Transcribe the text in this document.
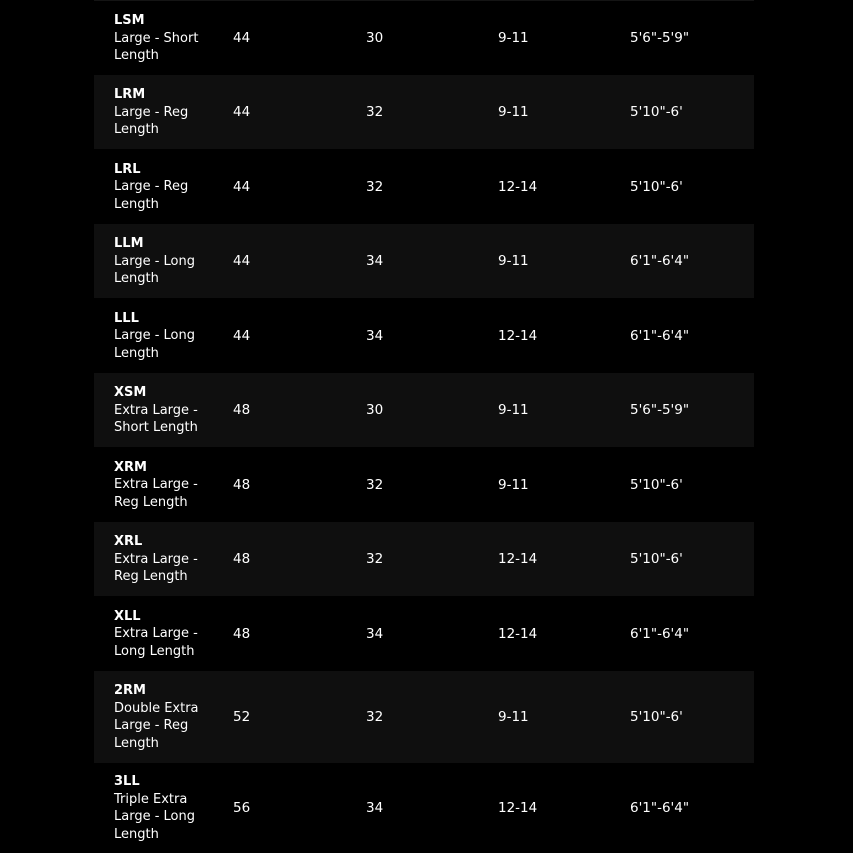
LSM
Large - Short Length
44	30	9-11	5'6"-5'9"
LRM
Large - Reg Length
44	32	9-11	5'10"-6'
LRL
Large - Reg Length
44	32	12-14	5'10"-6'
LLM
Large - Long Length
44	34	9-11	6'1"-6'4"
LLL
Large - Long Length
44	34	12-14	6'1"-6'4"
XSM
Extra Large - Short Length
48	30	9-11	5'6"-5'9"
XRM
Extra Large - Reg Length
48	32	9-11	5'10"-6'
XRL
Extra Large - Reg Length
48	32	12-14	5'10"-6'
XLL
Extra Large - Long Length
48	34	12-14	6'1"-6'4"
2RM
Double Extra Large - Reg Length
52	32	9-11	5'10"-6'
3LL
Triple Extra Large - Long Length
56	34	12-14	6'1"-6'4"
